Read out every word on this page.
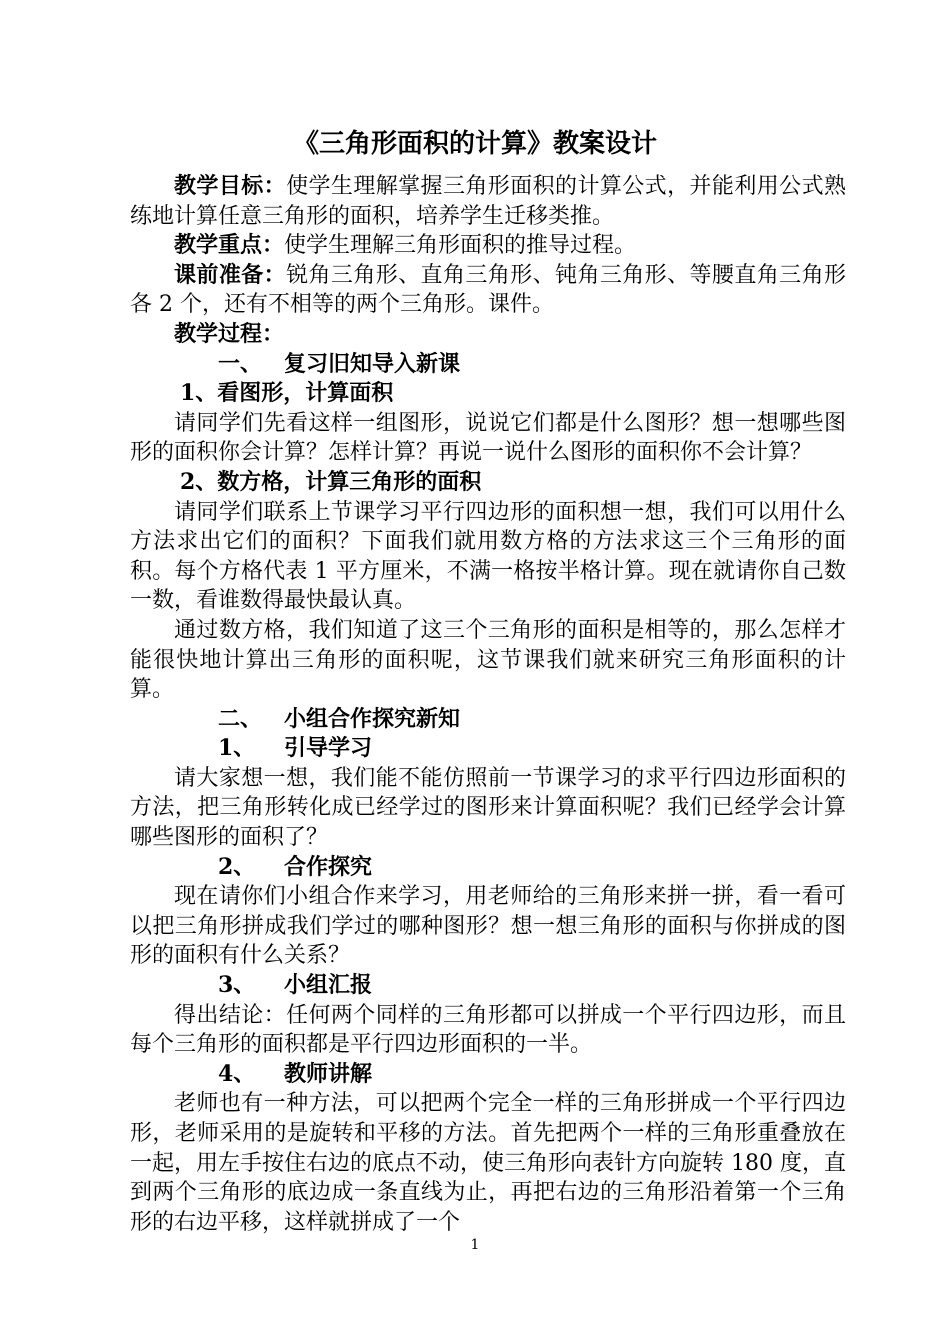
《三角形面积的计算》教案设计

教学目标：使学生理解掌握三角形面积的计算公式，并能利用公式熟练地计算任意三角形的面积，培养学生迁移类推。

教学重点：使学生理解三角形面积的推导过程。

课前准备：锐角三角形、直角三角形、钝角三角形、等腰直角三角形各 2 个，还有不相等的两个三角形。课件。

教学过程：

一、 复习旧知导入新课

1、看图形，计算面积

请同学们先看这样一组图形，说说它们都是什么图形？想一想哪些图形的面积你会计算？怎样计算？再说一说什么图形的面积你不会计算？

2、数方格，计算三角形的面积

请同学们联系上节课学习平行四边形的面积想一想，我们可以用什么方法求出它们的面积？下面我们就用数方格的方法求这三个三角形的面积。每个方格代表 1 平方厘米，不满一格按半格计算。现在就请你自己数一数，看谁数得最快最认真。

通过数方格，我们知道了这三个三角形的面积是相等的，那么怎样才能很快地计算出三角形的面积呢，这节课我们就来研究三角形面积的计算。

二、 小组合作探究新知

1、 引导学习

请大家想一想，我们能不能仿照前一节课学习的求平行四边形面积的方法，把三角形转化成已经学过的图形来计算面积呢？我们已经学会计算哪些图形的面积了？

2、 合作探究

现在请你们小组合作来学习，用老师给的三角形来拼一拼，看一看可以把三角形拼成我们学过的哪种图形？想一想三角形的面积与你拼成的图形的面积有什么关系？

3、 小组汇报

得出结论：任何两个同样的三角形都可以拼成一个平行四边形，而且每个三角形的面积都是平行四边形面积的一半。

4、 教师讲解

老师也有一种方法，可以把两个完全一样的三角形拼成一个平行四边形，老师采用的是旋转和平移的方法。首先把两个一样的三角形重叠放在一起，用左手按住右边的底点不动，使三角形向表针方向旋转 180 度，直到两个三角形的底边成一条直线为止，再把右边的三角形沿着第一个三角形的右边平移，这样就拼成了一个

1
